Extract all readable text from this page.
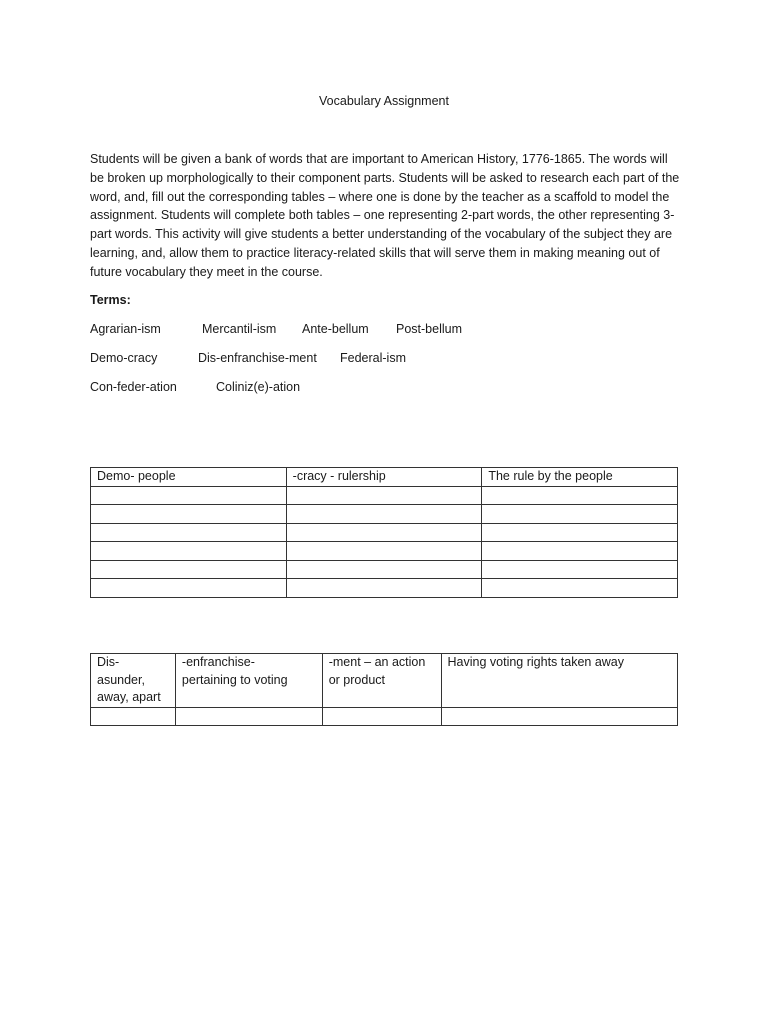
Vocabulary Assignment

Students will be given a bank of words that are important to American History, 1776-1865. The words will be broken up morphologically to their component parts. Students will be asked to research each part of the word, and, fill out the corresponding tables – where one is done by the teacher as a scaffold to model the assignment. Students will complete both tables – one representing 2-part words, the other representing 3-part words. This activity will give students a better understanding of the vocabulary of the subject they are learning, and, allow them to practice literacy-related skills that will serve them in making meaning out of future vocabulary they meet in the course.

Terms:
Agrarian-ism	Mercantil-ism Ante-bellum Post-bellum
Demo-cracy	Dis-enfranchise-ment Federal-ism
Con-feder-ation	Coliniz(e)-ation
Demo- people	-cracy - rulership	The rule by the people

Dis-
asunder,
away, apart	-enfranchise-
pertaining to voting	-ment – an action
or product	Having voting rights taken away
